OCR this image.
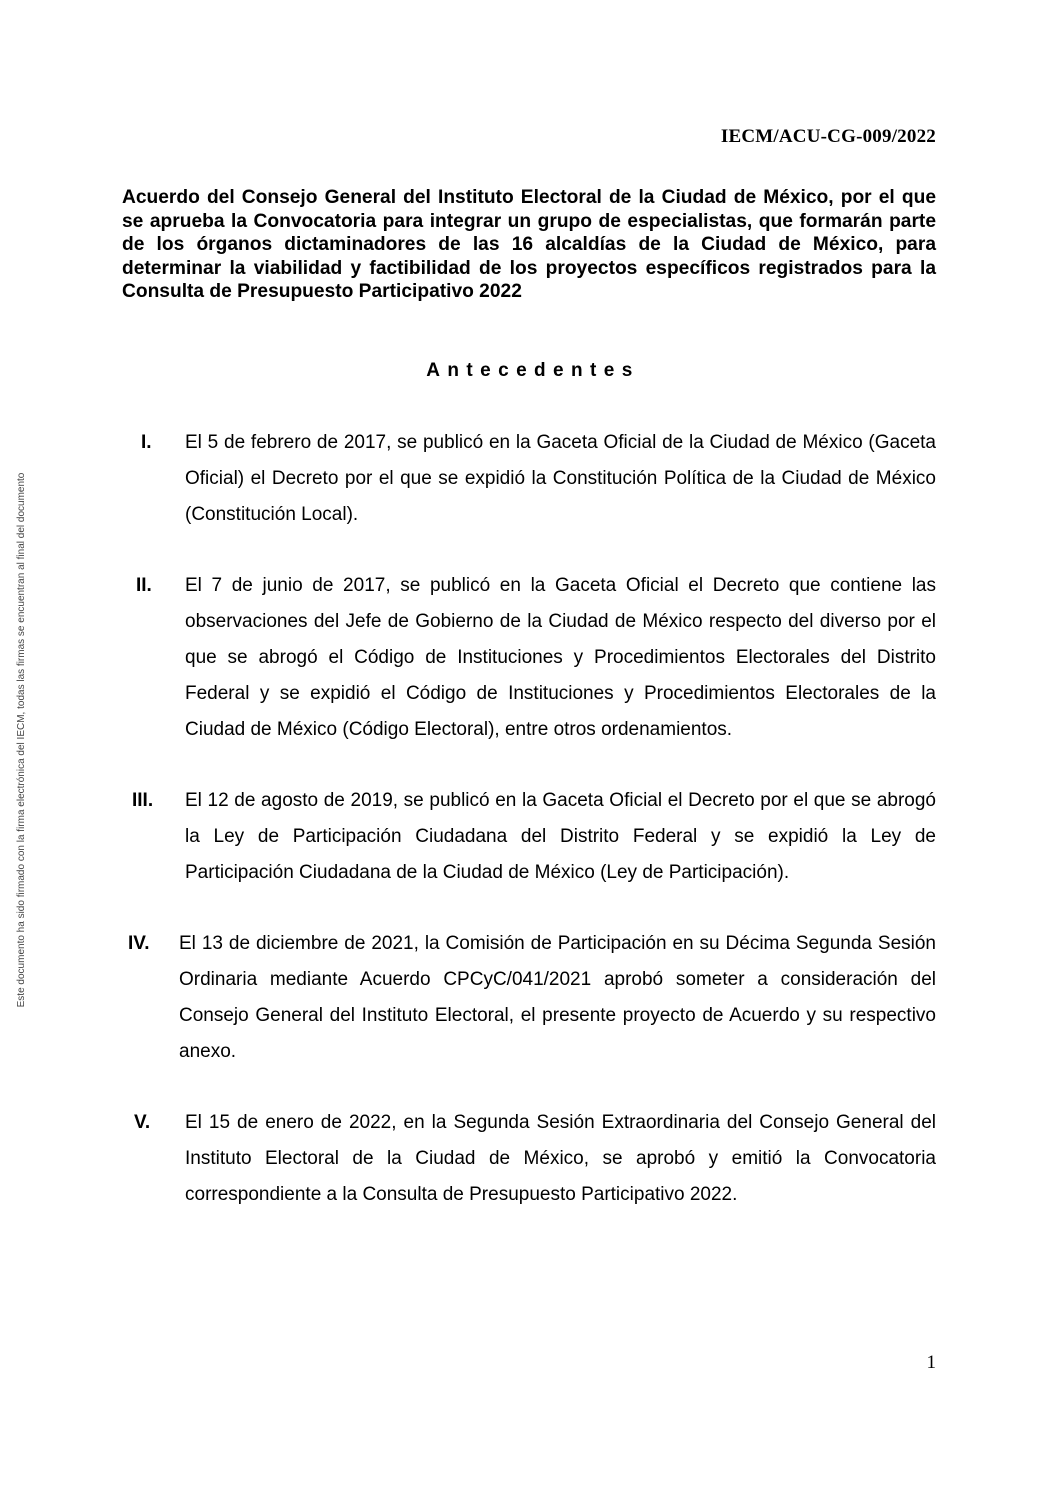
Este documento ha sido firmado con la firma electrónica del IECM, todas las firmas se encuentran al final del documento

IECM/ACU-CG-009/2022

Acuerdo del Consejo General del Instituto Electoral de la Ciudad de México, por el que se aprueba la Convocatoria para integrar un grupo de especialistas, que formarán parte de los órganos dictaminadores de las 16 alcaldías de la Ciudad de México, para determinar la viabilidad y factibilidad de los proyectos específicos registrados para la Consulta de Presupuesto Participativo 2022

Antecedentes
I. El 5 de febrero de 2017, se publicó en la Gaceta Oficial de la Ciudad de México (Gaceta Oficial) el Decreto por el que se expidió la Constitución Política de la Ciudad de México (Constitución Local).

II. El 7 de junio de 2017, se publicó en la Gaceta Oficial el Decreto que contiene las observaciones del Jefe de Gobierno de la Ciudad de México respecto del diverso por el que se abrogó el Código de Instituciones y Procedimientos Electorales del Distrito Federal y se expidió el Código de Instituciones y Procedimientos Electorales de la Ciudad de México (Código Electoral), entre otros ordenamientos.

III. El 12 de agosto de 2019, se publicó en la Gaceta Oficial el Decreto por el que se abrogó la Ley de Participación Ciudadana del Distrito Federal y se expidió la Ley de Participación Ciudadana de la Ciudad de México (Ley de Participación).

IV. El 13 de diciembre de 2021, la Comisión de Participación en su Décima Segunda Sesión Ordinaria mediante Acuerdo CPCyC/041/2021 aprobó someter a consideración del Consejo General del Instituto Electoral, el presente proyecto de Acuerdo y su respectivo anexo.

V. El 15 de enero de 2022, en la Segunda Sesión Extraordinaria del Consejo General del Instituto Electoral de la Ciudad de México, se aprobó y emitió la Convocatoria correspondiente a la Consulta de Presupuesto Participativo 2022.

1
